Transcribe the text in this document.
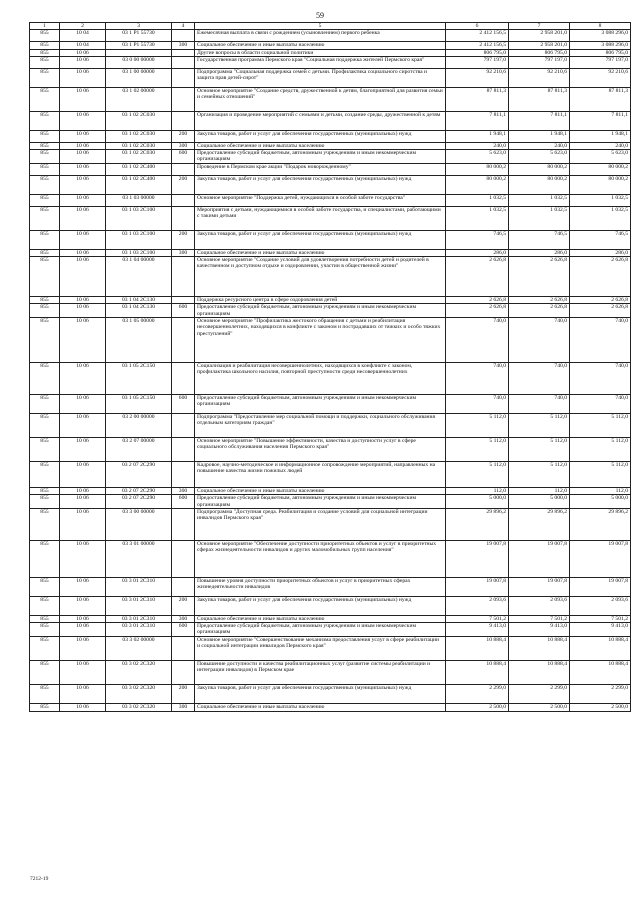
59
1	2	3	4	5	6	7	8
855	10 04	03 1 P1 55730		Ежемесячная выплата в связи с рождением (усыновлением) первого ребенка	2 412 156,5	2 958 201,0	3 088 296,0
855	10 04	03 1 P1 55730	300	Социальное обеспечение и иные выплаты населению	2 412 156,5	2 958 201,0	3 088 296,0
855	10 06			Другие вопросы в области социальной политики	806 795,0	806 795,0	806 795,0
855	10 06	03 0 00 00000		Государственная программа Пермского края "Социальная поддержка жителей Пермского края"	797 197,0	797 197,0	797 197,0
855	10 06	03 1 00 00000		Подпрограмма "Социальная поддержка семей с детьми. Профилактика социального сиротства и защита прав детей-сирот"	92 210,6	92 210,6	92 210,6
855	10 06	03 1 02 00000		Основное мероприятие "Создание средств, дружественной к детям, благоприятной для развития семьи и семейных отношений"	87 811,3	87 811,3	87 811,3
855	10 06	03 1 02 2С030		Организация и проведение мероприятий с семьями и детьми, создание среды, дружественной к детям	7 811,1	7 811,1	7 811,1
855	10 06	03 1 02 2С030	200	Закупка товаров, работ и услуг для обеспечения государственных (муниципальных) нужд	1 948,1	1 948,1	1 948,1
855	10 06	03 1 02 2С030	300	Социальное обеспечение и иные выплаты населению	240,0	240,0	240,0
855	10 06	03 1 02 2С030	600	Предоставление субсидий бюджетным, автономным учреждениям и иным некоммерческим организациям	5 623,0	5 623,0	5 623,0
855	10 06	03 1 02 2С400		Проведение в Пермском крае акции "Подарок новорожденному"	80 000,2	80 000,2	80 000,2
855	10 06	03 1 02 2С400	200	Закупка товаров, работ и услуг для обеспечения государственных (муниципальных) нужд	80 000,2	80 000,2	80 000,2
855	10 06	03 1 03 00000		Основное мероприятие "Поддержка детей, нуждающихся в особой заботе государства"	1 032,5	1 032,5	1 032,5
855	10 06	03 1 03 2С100		Мероприятия с детьми, нуждающимися в особой заботе государства, и специалистами, работающими с такими детьми	1 032,5	1 032,5	1 032,5
855	10 06	03 1 03 2С100	200	Закупка товаров, работ и услуг для обеспечения государственных (муниципальных) нужд	746,5	746,5	746,5
855	10 06	03 1 03 2С100	300	Социальное обеспечение и иные выплаты населению	286,0	286,0	286,0
855	10 06	03 1 04 00000		Основное мероприятие "Создание условий для удовлетворения потребности детей и родителей в качественном и доступном отдыхе и оздоровлении, участии в общественной жизни"	2 626,8	2 626,8	2 626,8
855	10 06	03 1 04 2С130		Поддержка ресурсного центра в сфере оздоровления детей	2 626,8	2 626,8	2 626,8
855	10 06	03 1 04 2С130	600	Предоставление субсидий бюджетным, автономным учреждениям и иным некоммерческим организациям	2 626,8	2 626,8	2 626,8
855	10 06	03 1 05 00000		Основное мероприятие "Профилактика жестокого обращения с детьми и реабилитация несовершеннолетних, находящихся в конфликте с законом и пострадавших от тяжких и особо тяжких преступлений"	740,0	740,0	740,0
855	10 06	03 1 05 2С150		Социализация и реабилитация несовершеннолетних, находящихся в конфликте с законом, профилактика школьного насилия, повторной преступности среди несовершеннолетних	740,0	740,0	740,0
855	10 06	03 1 05 2С150	600	Предоставление субсидий бюджетным, автономным учреждениям и иным некоммерческим организациям	740,0	740,0	740,0
855	10 06	03 2 00 00000		Подпрограмма "Предоставление мер социальной помощи и поддержки, социального обслуживания отдельным категориям граждан"	5 112,0	5 112,0	5 112,0
855	10 06	03 2 07 00000		Основное мероприятие "Повышение эффективности, качества и доступности услуг в сфере социального обслуживания населения Пермского края"	5 112,0	5 112,0	5 112,0
855	10 06	03 2 07 2С290		Кадровое, научно-методическое и информационное сопровождение мероприятий, направленных на повышение качества жизни пожилых людей	5 112,0	5 112,0	5 112,0
855	10 06	03 2 07 2С290	300	Социальное обеспечение и иные выплаты населению	112,0	112,0	112,0
855	10 06	03 2 07 2С290	600	Предоставление субсидий бюджетным, автономным учреждениям и иным некоммерческим организациям	5 000,0	5 000,0	5 000,0
855	10 06	03 3 00 00000		Подпрограмма "Доступная среда. Реабилитация и создание условий для социальной интеграции инвалидов Пермского края"	29 896,2	29 896,2	29 896,2
855	10 06	03 3 01 00000		Основное мероприятие "Обеспечение доступности приоритетных объектов и услуг в приоритетных сферах жизнедеятельности инвалидов и других маломобильных групп населения"	19 007,8	19 007,8	19 007,8
855	10 06	03 3 01 2С310		Повышение уровня доступности приоритетных объектов и услуг в приоритетных сферах жизнедеятельности инвалидов	19 007,8	19 007,8	19 007,8
855	10 06	03 3 01 2С310	200	Закупка товаров, работ и услуг для обеспечения государственных (муниципальных) нужд	2 093,6	2 093,6	2 093,6
855	10 06	03 3 01 2С310	300	Социальное обеспечение и иные выплаты населению	7 501,2	7 501,2	7 501,2
855	10 06	03 3 01 2С310	600	Предоставление субсидий бюджетным, автономным учреждениям и иным некоммерческим организациям	9 413,0	9 413,0	9 413,0
855	10 06	03 3 02 00000		Основное мероприятие "Совершенствование механизма предоставления услуг в сфере реабилитации и социальной интеграции инвалидов Пермского края"	10 888,4	10 888,4	10 888,4
855	10 06	03 3 02 2С320		Повышение доступности и качества реабилитационных услуг (развитие системы реабилитации и интеграции инвалидов) в Пермском крае	10 888,4	10 888,4	10 888,4
855	10 06	03 3 02 2С320	200	Закупка товаров, работ и услуг для обеспечения государственных (муниципальных) нужд	2 299,0	2 299,0	2 299,0
855	10 06	03 3 02 2С320	300	Социальное обеспечение и иные выплаты населению	2 500,0	2 500,0	2 500,0
7212-19
